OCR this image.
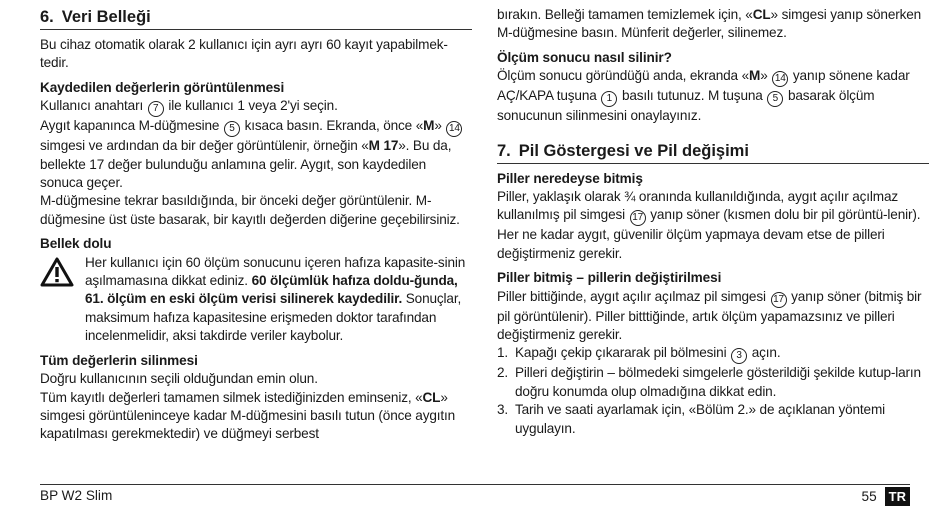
6. Veri Belleği

Bu cihaz otomatik olarak 2 kullanıcı için ayrı ayrı 60 kayıt yapabilmek-tedir.

Kaydedilen değerlerin görüntülenmesi

Kullanıcı anahtarı 7 ile kullanıcı 1 veya 2'yi seçin.

Aygıt kapanınca M-düğmesine 5 kısaca basın. Ekranda, önce «M» 14 simgesi ve ardından da bir değer görüntülenir, örneğin «M 17». Bu da, bellekte 17 değer bulunduğu anlamına gelir. Aygıt, son kaydedilen sonuca geçer.

M-düğmesine tekrar basıldığında, bir önceki değer görüntülenir. M-düğmesine üst üste basarak, bir kayıtlı değerden diğerine geçebilirsiniz.

Bellek dolu

Her kullanıcı için 60 ölçüm sonucunu içeren hafıza kapasite-sinin aşılmamasına dikkat ediniz. 60 ölçümlük hafıza doldu-ğunda, 61. ölçüm en eski ölçüm verisi silinerek kaydedilir. Sonuçlar, maksimum hafıza kapasitesine erişmeden doktor tarafından incelenmelidir, aksi takdirde veriler kaybolur.

Tüm değerlerin silinmesi

Doğru kullanıcının seçili olduğundan emin olun.

Tüm kayıtlı değerleri tamamen silmek istediğinizden eminseniz, «CL» simgesi görüntüleninceye kadar M-düğmesini basılı tutun (önce aygıtın kapatılması gerekmektedir) ve düğmeyi serbest

bırakın. Belleği tamamen temizlemek için, «CL» simgesi yanıp sönerken M-düğmesine basın. Münferit değerler, silinemez.

Ölçüm sonucu nasıl silinir?

Ölçüm sonucu göründüğü anda, ekranda «M» 14 yanıp sönene kadar AÇ/KAPA tuşuna 1 basılı tutunuz. M tuşuna 5 basarak ölçüm sonucunun silinmesini onaylayınız.

7. Pil Göstergesi ve Pil değişimi
Piller neredeyse bitmiş

Piller, yaklaşık olarak ¾ oranında kullanıldığında, aygıt açılır açılmaz kullanılmış pil simgesi 17 yanıp söner (kısmen dolu bir pil görüntü-lenir). Her ne kadar aygıt, güvenilir ölçüm yapmaya devam etse de pilleri değiştirmeniz gerekir.

Piller bitmiş – pillerin değiştirilmesi

Piller bittiğinde, aygıt açılır açılmaz pil simgesi 17 yanıp söner (bitmiş bir pil görüntülenir). Piller bitttiğinde, artık ölçüm yapamazsınız ve pilleri değiştirmeniz gerekir.

1. Kapağı çekip çıkararak pil bölmesini 3 açın.
2. Pilleri değiştirin – bölmedeki simgelerle gösterildiği şekilde kutup-ların doğru konumda olup olmadığına dikkat edin.
3. Tarih ve saati ayarlamak için, «Bölüm 2.» de açıklanan yöntemi uygulayın.
BP W2 Slim	55 TR
